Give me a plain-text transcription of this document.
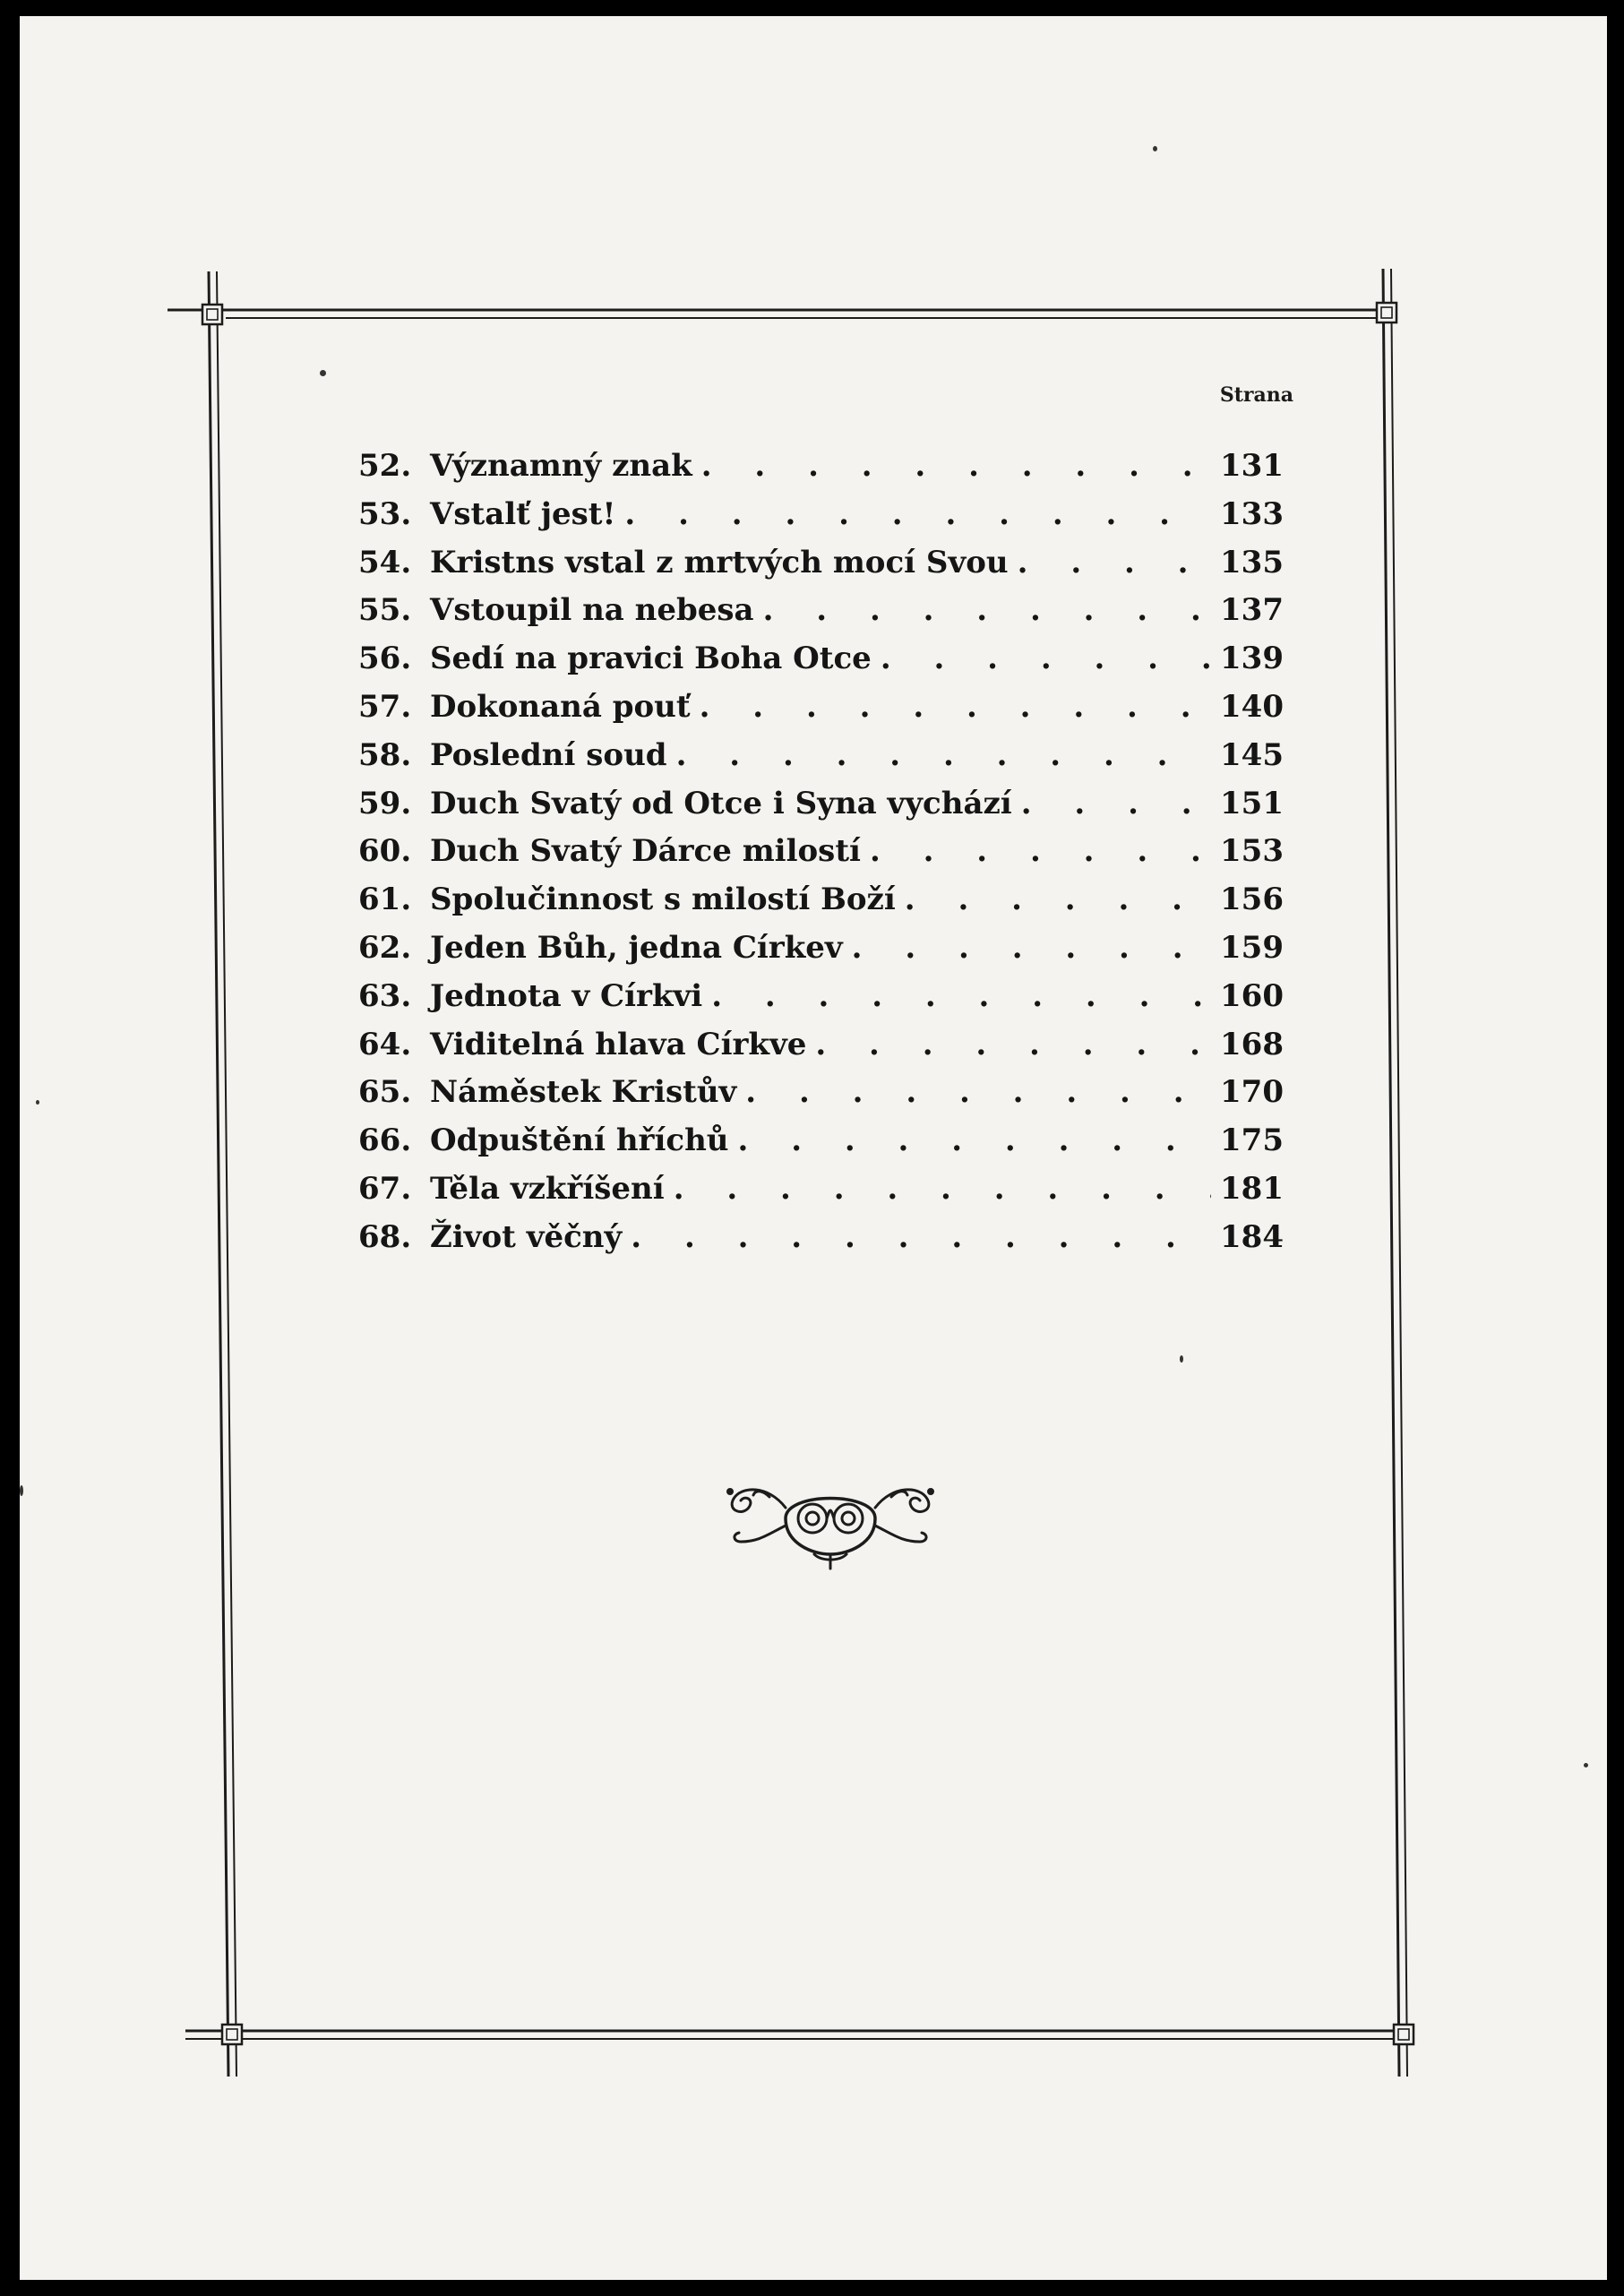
Strana
52. Významný znak . . .	131
53. Vstalť jest! . . .	133
54. Kristns vstal z mrtvých mocí Svou . . .	135
55. Vstoupil na nebesa . . .	137
56. Sedí na pravici Boha Otce . . .	139
57. Dokonaná pouť . . .	140
58. Poslední soud . . .	145
59. Duch Svatý od Otce i Syna vychází . . .	151
60. Duch Svatý Dárce milostí . . .	153
61. Spolučinnost s milostí Boží . . .	156
62. Jeden Bůh, jedna Církev . . .	159
63. Jednota v Církvi . . .	160
64. Viditelná hlava Církve . . .	168
65. Náměstek Kristův . . .	170
66. Odpuštění hříchů . . .	175
67. Těla vzkříšení . . .	181
68. Život věčný . . .	184
